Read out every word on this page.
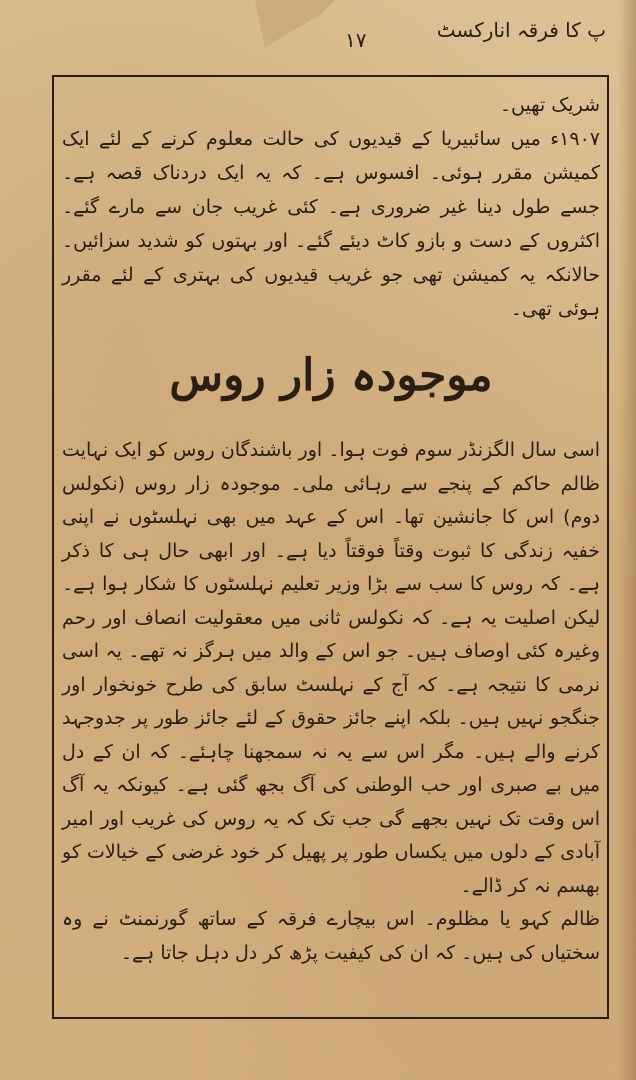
۱۷	پ کا فرقہ انارکسٹ

شریک تھیں۔

۱۹۰۷ء میں سائبیریا کے قیدیوں کی حالت معلوم کرنے کے لئے ایک کمیشن مقرر ہوئی۔ افسوس ہے۔ کہ یہ ایک دردناک قصہ ہے۔ جسے طول دینا غیر ضروری ہے۔ کئی غریب جان سے مارے گئے۔ اکثروں کے دست و بازو کاٹ دیئے گئے۔ اور بہتوں کو شدید سزائیں۔ حالانکہ یہ کمیشن تھی جو غریب قیدیوں کی بہتری کے لئے مقرر ہوئی تھی۔

موجودہ زار روس

اسی سال الگزنڈر سوم فوت ہوا۔ اور باشندگان روس کو ایک نہایت ظالم حاکم کے پنجے سے رہائی ملی۔ موجودہ زار روس (نکولس دوم) اس کا جانشین تھا۔ اس کے عہد میں بھی نہلسٹوں نے اپنی خفیہ زندگی کا ثبوت وقتاً فوقتاً دیا ہے۔ اور ابھی حال ہی کا ذکر ہے۔ کہ روس کا سب سے بڑا وزیر تعلیم نہلسٹوں کا شکار ہوا ہے۔ لیکن اصلیت یہ ہے۔ کہ نکولس ثانی میں معقولیت انصاف اور رحم وغیرہ کئی اوصاف ہیں۔ جو اس کے والد میں ہرگز نہ تھے۔ یہ اسی نرمی کا نتیجہ ہے۔ کہ آج کے نہلسٹ سابق کی طرح خونخوار اور جنگجو نہیں ہیں۔ بلکہ اپنے جائز حقوق کے لئے جائز طور پر جدوجہد کرنے والے ہیں۔ مگر اس سے یہ نہ سمجھنا چاہئے۔ کہ ان کے دل میں بے صبری اور حب الوطنی کی آگ بجھ گئی ہے۔ کیونکہ یہ آگ اس وقت تک نہیں بجھے گی جب تک کہ یہ روس کی غریب اور امیر آبادی کے دلوں میں یکساں طور پر پھیل کر خود غرضی کے خیالات کو بھسم نہ کر ڈالے۔

ظالم کہو یا مظلوم۔ اس بیچارے فرقہ کے ساتھ گورنمنٹ نے وہ سختیاں کی ہیں۔ کہ ان کی کیفیت پڑھ کر دل دہل جاتا ہے۔
